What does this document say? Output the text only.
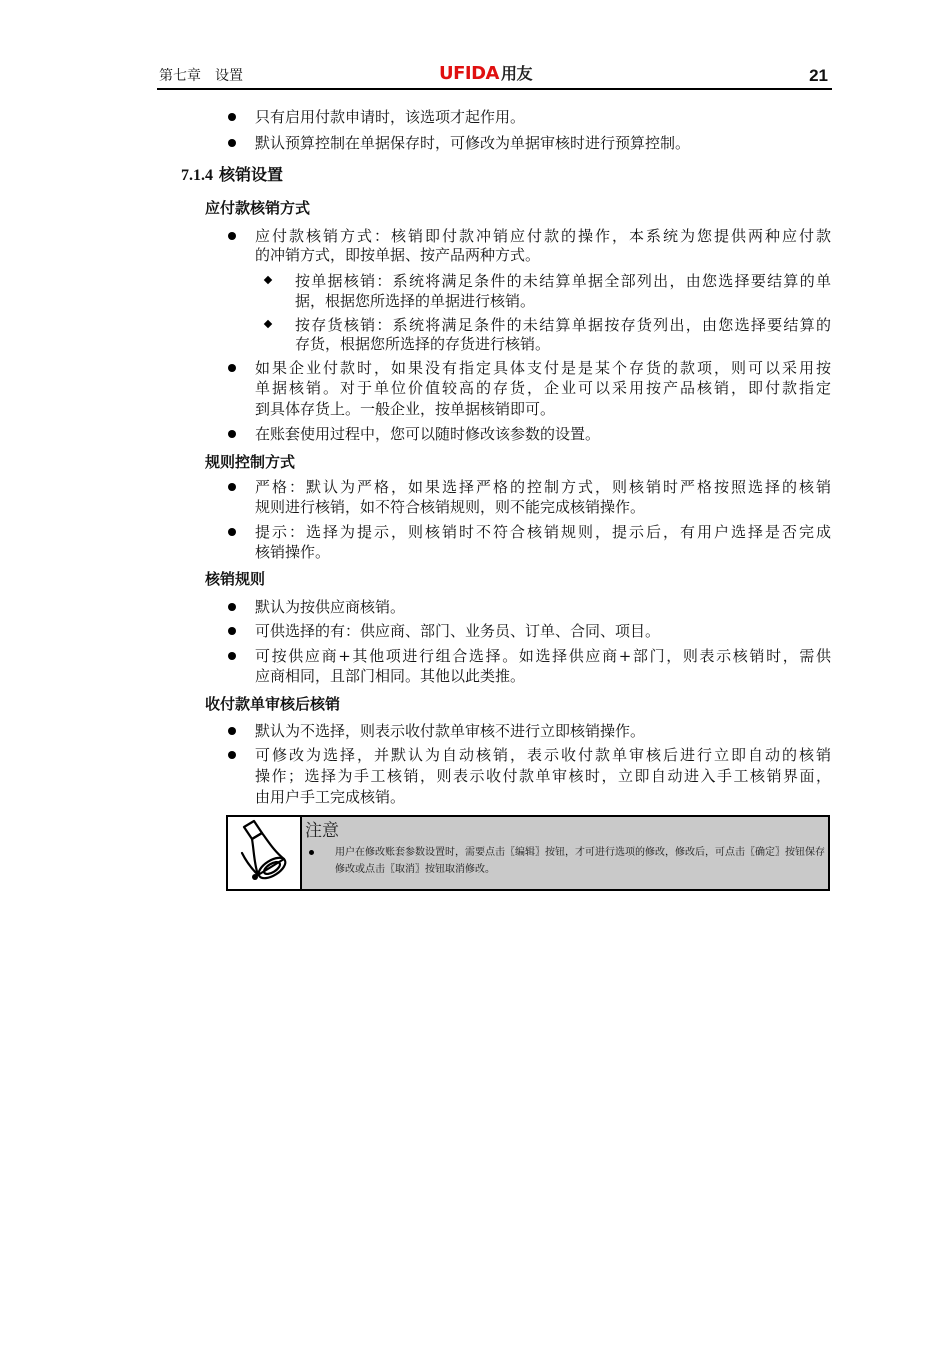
第七章　设置	UFIDA 用友	21
只有启用付款申请时，该选项才起作用。
默认预算控制在单据保存时，可修改为单据审核时进行预算控制。
7.1.4 核销设置
应付款核销方式
应付款核销方式：核销即付款冲销应付款的操作，本系统为您提供两种应付款
的冲销方式，即按单据、按产品两种方式。
按单据核销：系统将满足条件的未结算单据全部列出，由您选择要结算的单
据，根据您所选择的单据进行核销。
按存货核销：系统将满足条件的未结算单据按存货列出，由您选择要结算的
存货，根据您所选择的存货进行核销。
如果企业付款时，如果没有指定具体支付是是某个存货的款项，则可以采用按
单据核销。对于单位价值较高的存货，企业可以采用按产品核销，即付款指定
到具体存货上。一般企业，按单据核销即可。
在账套使用过程中，您可以随时修改该参数的设置。
规则控制方式
严格：默认为严格，如果选择严格的控制方式，则核销时严格按照选择的核销
规则进行核销，如不符合核销规则，则不能完成核销操作。
提示：选择为提示，则核销时不符合核销规则，提示后，有用户选择是否完成
核销操作。
核销规则
默认为按供应商核销。
可供选择的有：供应商、部门、业务员、订单、合同、项目。
可按供应商+其他项进行组合选择。如选择供应商+部门，则表示核销时，需供
应商相同，且部门相同。其他以此类推。
收付款单审核后核销
默认为不选择，则表示收付款单审核不进行立即核销操作。
可修改为选择，并默认为自动核销，表示收付款单审核后进行立即自动的核销
操作；选择为手工核销，则表示收付款单审核时，立即自动进入手工核销界面，
由用户手工完成核销。
注意
用户在修改账套参数设置时，需要点击〖编辑〗按钮，才可进行选项的修改，修改后，可点击〖确定〗按钮保存修改或点击〖取消〗按钮取消修改。
